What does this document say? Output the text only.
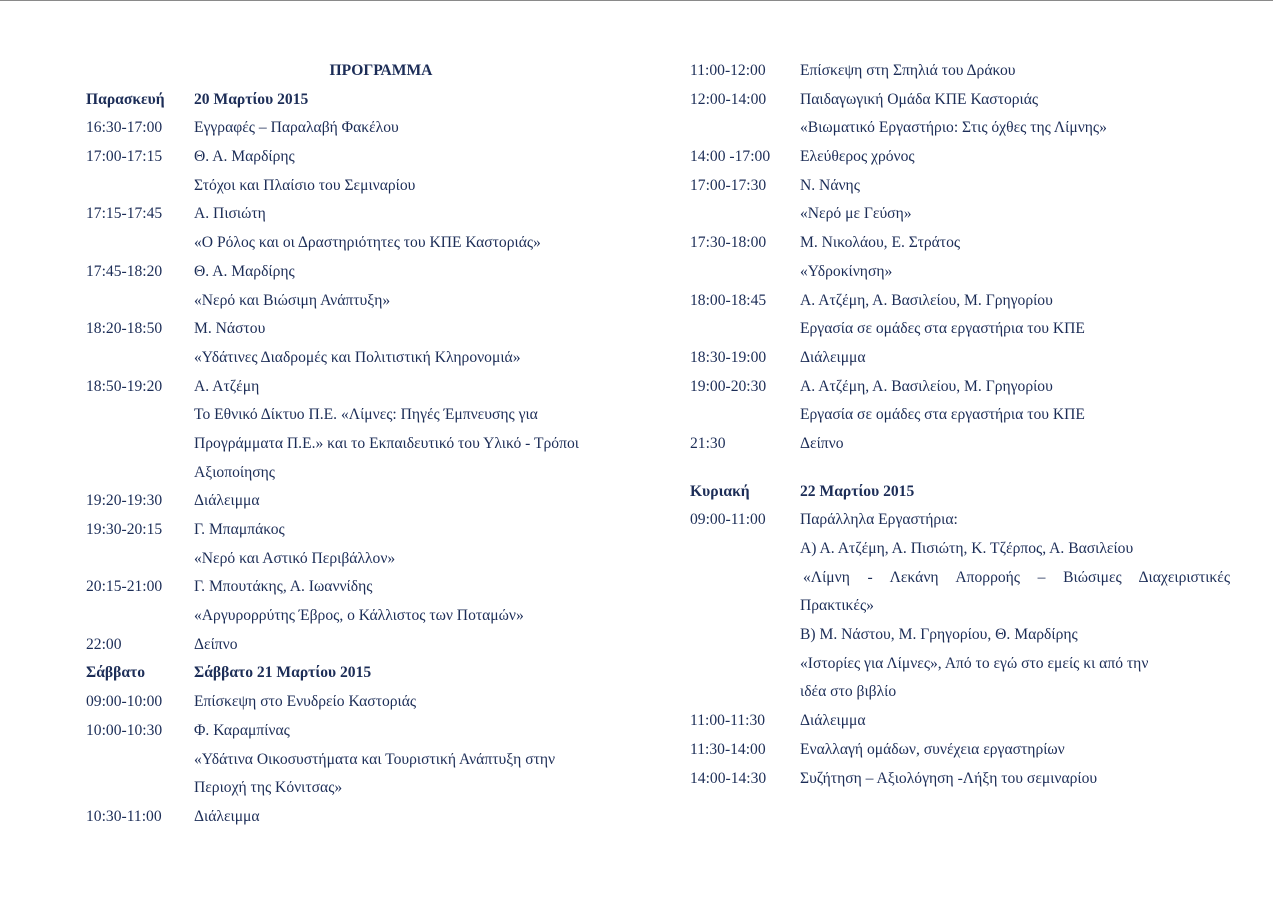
ΠΡΟΓΡΑΜΜΑ
Παρασκευή	20 Μαρτίου 2015
16:30-17:00	Εγγραφές – Παραλαβή Φακέλου
17:00-17:15	Θ. Α. Μαρδίρης
Στόχοι και Πλαίσιο του Σεμιναρίου
17:15-17:45	Α. Πισιώτη
«Ο Ρόλος και οι Δραστηριότητες του ΚΠΕ Καστοριάς»
17:45-18:20	Θ. Α. Μαρδίρης
«Νερό και Βιώσιμη Ανάπτυξη»
18:20-18:50	Μ. Νάστου
«Υδάτινες Διαδρομές και Πολιτιστική Κληρονομιά»
18:50-19:20	Α. Ατζέμη
Το Εθνικό Δίκτυο Π.Ε. «Λίμνες: Πηγές Έμπνευσης για
Προγράμματα Π.Ε.» και το Εκπαιδευτικό του Υλικό - Τρόποι
Αξιοποίησης
19:20-19:30	Διάλειμμα
19:30-20:15	Γ. Μπαμπάκος
«Νερό και Αστικό Περιβάλλον»
20:15-21:00	Γ. Μπουτάκης, Α. Ιωαννίδης
«Αργυρορρύτης Έβρος, ο Κάλλιστος των Ποταμών»
22:00	Δείπνο
Σάββατο	Σάββατο 21 Μαρτίου 2015
09:00-10:00	Επίσκεψη στο Ενυδρείο Καστοριάς
10:00-10:30	Φ. Καραμπίνας
«Υδάτινα Οικοσυστήματα και Τουριστική Ανάπτυξη στην
Περιοχή της Κόνιτσας»
10:30-11:00	Διάλειμμα
11:00-12:00	Επίσκεψη στη Σπηλιά του Δράκου
12:00-14:00	Παιδαγωγική Ομάδα ΚΠΕ Καστοριάς
«Βιωματικό Εργαστήριο: Στις όχθες της Λίμνης»
14:00 -17:00	Ελεύθερος χρόνος
17:00-17:30	Ν. Νάνης
«Νερό με Γεύση»
17:30-18:00	Μ. Νικολάου, Ε. Στράτος
«Υδροκίνηση»
18:00-18:45	Α. Ατζέμη, Α. Βασιλείου, Μ. Γρηγορίου
Εργασία σε ομάδες στα εργαστήρια του ΚΠΕ
18:30-19:00	Διάλειμμα
19:00-20:30	Α. Ατζέμη, Α. Βασιλείου, Μ. Γρηγορίου
Εργασία σε ομάδες στα εργαστήρια του ΚΠΕ
21:30	Δείπνο
Κυριακή	22 Μαρτίου 2015
09:00-11:00	Παράλληλα Εργαστήρια:
Α) Α. Ατζέμη, Α. Πισιώτη, Κ. Τζέρπος, Α. Βασιλείου
«Λίμνη - Λεκάνη Απορροής – Βιώσιμες Διαχειριστικές
Πρακτικές»
Β) Μ. Νάστου, Μ. Γρηγορίου, Θ. Μαρδίρης
«Ιστορίες για Λίμνες», Από το εγώ στο εμείς κι από την
ιδέα στο βιβλίο
11:00-11:30	Διάλειμμα
11:30-14:00	Εναλλαγή ομάδων, συνέχεια εργαστηρίων
14:00-14:30	Συζήτηση – Αξιολόγηση -Λήξη του σεμιναρίου
